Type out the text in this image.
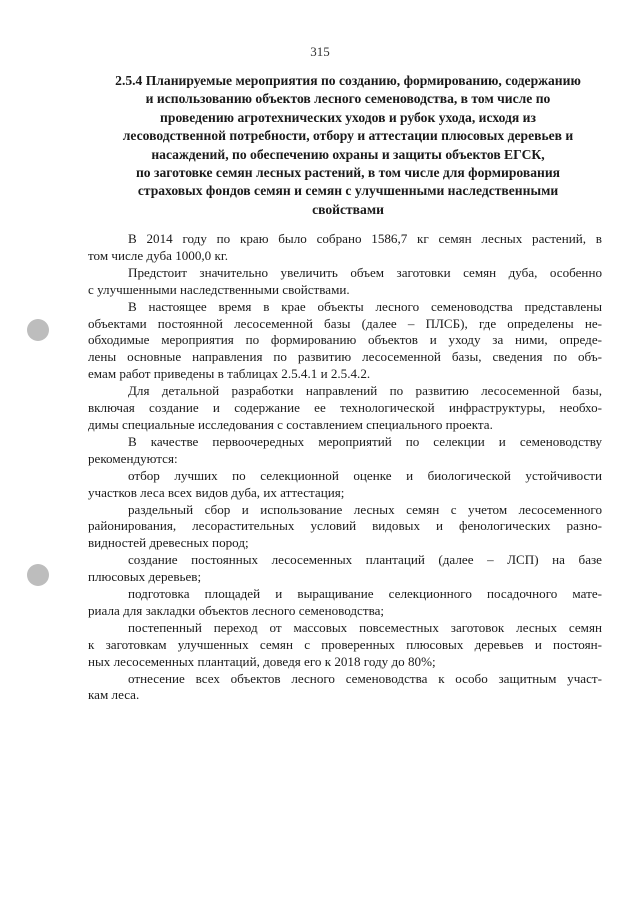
315
2.5.4 Планируемые мероприятия по созданию, формированию, содержанию
и использованию объектов лесного семеноводства, в том числе по
проведению агротехнических уходов и рубок ухода, исходя из
лесоводственной потребности, отбору и аттестации плюсовых деревьев и
насаждений, по обеспечению охраны и защиты объектов ЕГСК,
по заготовке семян лесных растений, в том числе для формирования
страховых фондов семян и семян с улучшенными наследственными
свойствами
В 2014 году по краю было собрано 1586,7 кг семян лесных растений, в
том числе дуба 1000,0 кг.
Предстоит значительно увеличить объем заготовки семян дуба, особенно
с улучшенными наследственными свойствами.
В настоящее время в крае объекты лесного семеноводства представлены
объектами постоянной лесосеменной базы (далее – ПЛСБ), где определены не-
обходимые мероприятия по формированию объектов и уходу за ними, опреде-
лены основные направления по развитию лесосеменной базы, сведения по объ-
емам работ приведены в таблицах 2.5.4.1 и 2.5.4.2.
Для детальной разработки направлений по развитию лесосеменной базы,
включая создание и содержание ее технологической инфраструктуры, необхо-
димы специальные исследования с составлением специального проекта.
В качестве первоочередных мероприятий по селекции и семеноводству
рекомендуются:
отбор лучших по селекционной оценке и биологической устойчивости
участков леса всех видов дуба, их аттестация;
раздельный сбор и использование лесных семян с учетом лесосеменного
районирования, лесорастительных условий видовых и фенологических разно-
видностей древесных пород;
создание постоянных лесосеменных плантаций (далее – ЛСП) на базе
плюсовых деревьев;
подготовка площадей и выращивание селекционного посадочного мате-
риала для закладки объектов лесного семеноводства;
постепенный переход от массовых повсеместных заготовок лесных семян
к заготовкам улучшенных семян с проверенных плюсовых деревьев и постоян-
ных лесосеменных плантаций, доведя его к 2018 году до 80%;
отнесение всех объектов лесного семеноводства к особо защитным участ-
кам леса.
